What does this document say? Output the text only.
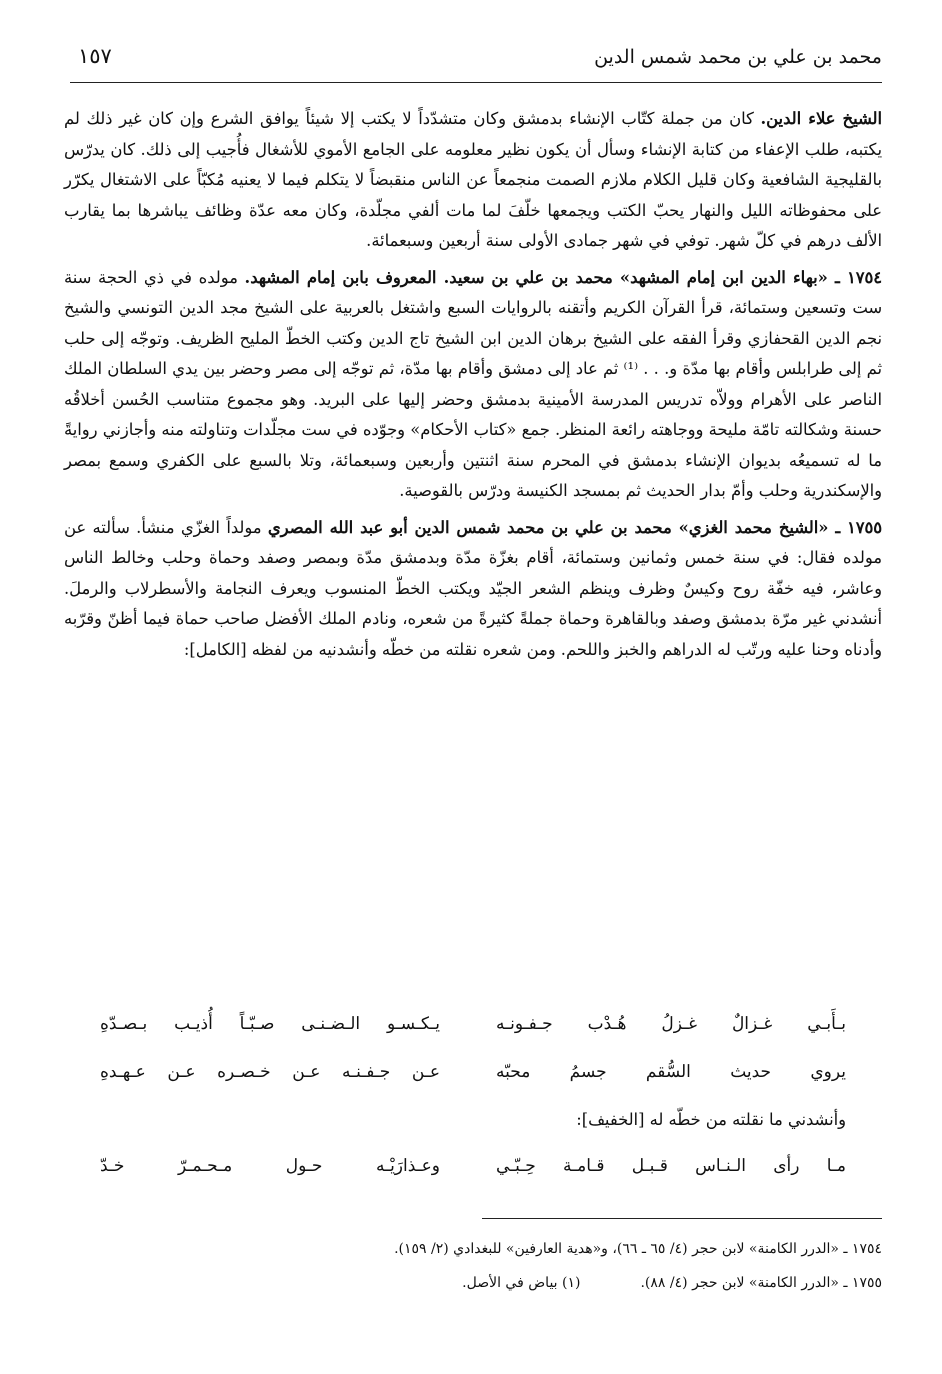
محمد بن علي بن محمد شمس الدين
١٥٧

الشيخ علاء الدين. كان من جملة كتّاب الإنشاء بدمشق وكان متشدّداً لا يكتب إلا شيئاً يوافق الشرع وإن كان غير ذلك لم يكتبه، طلب الإعفاء من كتابة الإنشاء وسأل أن يكون نظير معلومه على الجامع الأموي للأشغال فأُجيب إلى ذلك. كان يدرّس بالقليجية الشافعية وكان قليل الكلام ملازم الصمت منجمعاً عن الناس منقبضاً لا يتكلم فيما لا يعنيه مُكبّاً على الاشتغال يكرّر على محفوظاته الليل والنهار يحبّ الكتب ويجمعها خلّفَ لما مات ألفي مجلّدة، وكان معه عدّة وظائف يباشرها بما يقارب الألف درهم في كلّ شهر. توفي في شهر جمادى الأولى سنة أربعين وسبعمائة.

١٧٥٤ ـ «بهاء الدين ابن إمام المشهد» محمد بن علي بن سعيد. المعروف بابن إمام المشهد. مولده في ذي الحجة سنة ست وتسعين وستمائة، قرأ القرآن الكريم وأتقنه بالروايات السبع واشتغل بالعربية على الشيخ مجد الدين التونسي والشيخ نجم الدين القحفازي وقرأ الفقه على الشيخ برهان الدين ابن الشيخ تاج الدين وكتب الخطّ المليح الظريف. وتوجّه إلى حلب ثم إلى طرابلس وأقام بها مدّة و. . . ⁽¹⁾ ثم عاد إلى دمشق وأقام بها مدّة، ثم توجّه إلى مصر وحضر بين يدي السلطان الملك الناصر على الأهرام وولاّه تدريس المدرسة الأمينية بدمشق وحضر إليها على البريد. وهو مجموع متناسب الحُسن أخلاقُه حسنة وشكالته تامّة مليحة ووجاهته رائعة المنظر. جمع «كتاب الأحكام» وجوّده في ست مجلّدات وتناولته منه وأجازني روايةً ما له تسميعُه بديوان الإنشاء بدمشق في المحرم سنة اثنتين وأربعين وسبعمائة، وتلا بالسبع على الكفري وسمع بمصر والإسكندرية وحلب وأمّ بدار الحديث ثم بمسجد الكنيسة ودرّس بالقوصية.

١٧٥٥ ـ «الشيخ محمد الغزي» محمد بن علي بن محمد شمس الدين أبو عبد الله المصري مولداً الغزّي منشأ. سألته عن مولده فقال: في سنة خمس وثمانين وستمائة، أقام بغزّة مدّة وبدمشق مدّة وبمصر وصفد وحماة وحلب وخالط الناس وعاشر، فيه خفّة روح وكيسٌ وظرف وينظم الشعر الجيّد ويكتب الخطّ المنسوب ويعرف النجامة والأسطرلاب والرملَ. أنشدني غير مرّة بدمشق وصفد وبالقاهرة وحماة جملةً كثيرةً من شعره، ونادم الملك الأفضل صاحب حماة فيما أظنّ وقرّبه وأدناه وحنا عليه ورتّب له الدراهم والخبز واللحم. ومن شعره نقلته من خطّه وأنشدنيه من لفظه [الكامل]:

بـأَبـي غـزالٌ غـزلُ هُـدْب جـفـونـه
يـكـسـو الـضـنـى صـبّـاً أُذيـب بـصـدّهِ
يروي حديث السُّقم جسمُ محبّه
عـن جـفـنـه عـن خـصـره عـن عـهـدهِ
وأنشدني ما نقلته من خطّه له [الخفيف]:
مـا رأى الـنـاس قـبـل قـامـة حِـبّـي
وعـذارَيْـه حـول مـحـمـرّ خـدّ
١٧٥٤ ـ «الدرر الكامنة» لابن حجر (٤/ ٦٥ ـ ٦٦)، و«هدية العارفين» للبغدادي (٢/ ١٥٩).
١٧٥٥ ـ «الدرر الكامنة» لابن حجر (٤/ ٨٨).(١) بياض في الأصل.
